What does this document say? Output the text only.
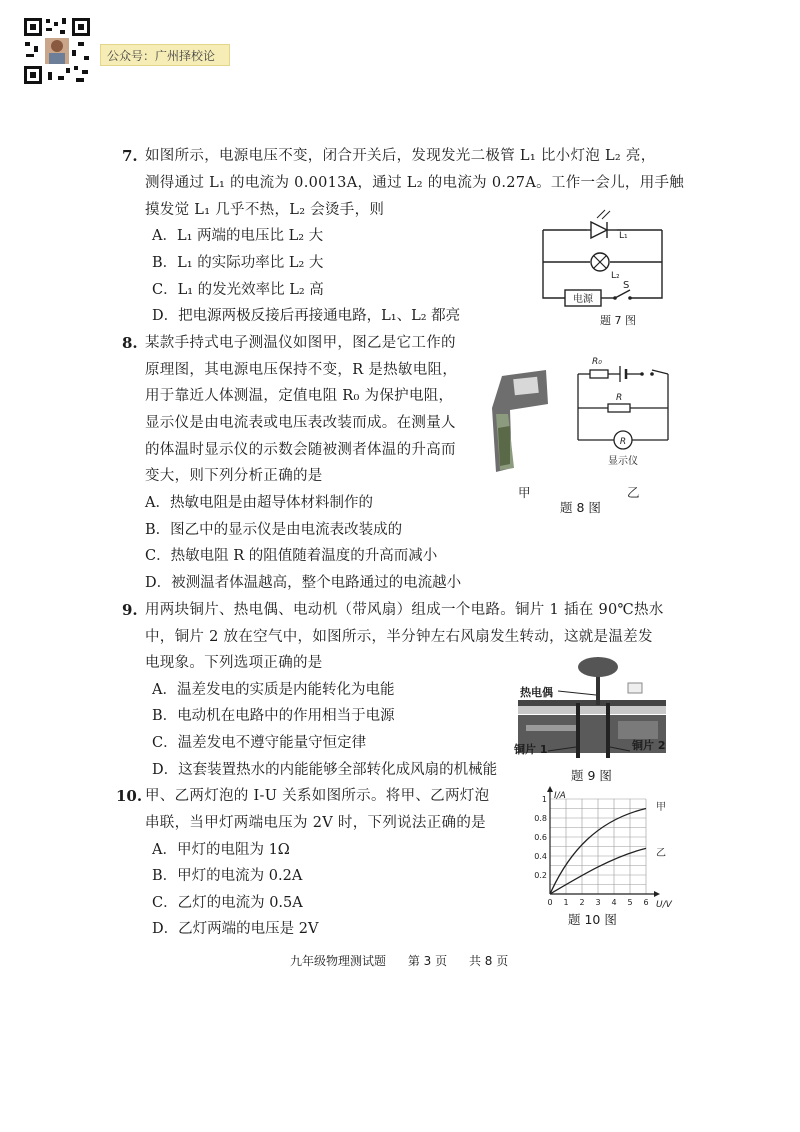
公众号：广州择校论
7. 如图所示，电源电压不变，闭合开关后，发现发光二极管 L₁ 比小灯泡 L₂ 亮，
测得通过 L₁ 的电流为 0.0013A，通过 L₂ 的电流为 0.27A。工作一会儿，用手触
摸发觉 L₁ 几乎不热，L₂ 会烫手，则
A．L₁ 两端的电压比 L₂ 大
B．L₁ 的实际功率比 L₂ 大
C．L₁ 的发光效率比 L₂ 高
D．把电源两极反接后再接通电路，L₁、L₂ 都亮
L₁
L₂
电源
S
题 7 图
8. 某款手持式电子测温仪如图甲，图乙是它工作的
原理图，其电源电压保持不变，R 是热敏电阻，
用于靠近人体测温，定值电阻 R₀ 为保护电阻，
显示仪是由电流表或电压表改装而成。在测量人
的体温时显示仪的示数会随被测者体温的升高而
变大，则下列分析正确的是
A．热敏电阻是由超导体材料制作的
B．图乙中的显示仪是由电流表改装成的
C．热敏电阻 R 的阻值随着温度的升高而减小
D．被测温者体温越高，整个电路通过的电流越小
甲
R₀
R
R
显示仪
乙
题 8 图
9. 用两块铜片、热电偶、电动机（带风扇）组成一个电路。铜片 1 插在 90℃热水
中，铜片 2 放在空气中，如图所示，半分钟左右风扇发生转动，这就是温差发
电现象。下列选项正确的是
A．温差发电的实质是内能转化为电能
B．电动机在电路中的作用相当于电源
C．温差发电不遵守能量守恒定律
D．这套装置热水的内能能够全部转化成风扇的机械能
热电偶
铜片 1	铜片 2
题 9 图
10. 甲、乙两灯泡的 I-U 关系如图所示。将甲、乙两灯泡
串联，当甲灯两端电压为 2V 时，下列说法正确的是
A．甲灯的电阻为 1Ω
B．甲灯的电流为 0.2A
C．乙灯的电流为 0.5A
D．乙灯两端的电压是 2V
I/A
U/V
0.2
0.4
0.6
0.8
1
0 1 2 3 4 5 6
甲
乙
题 10 图
九年级物理测试题 第 3 页 共 8 页
